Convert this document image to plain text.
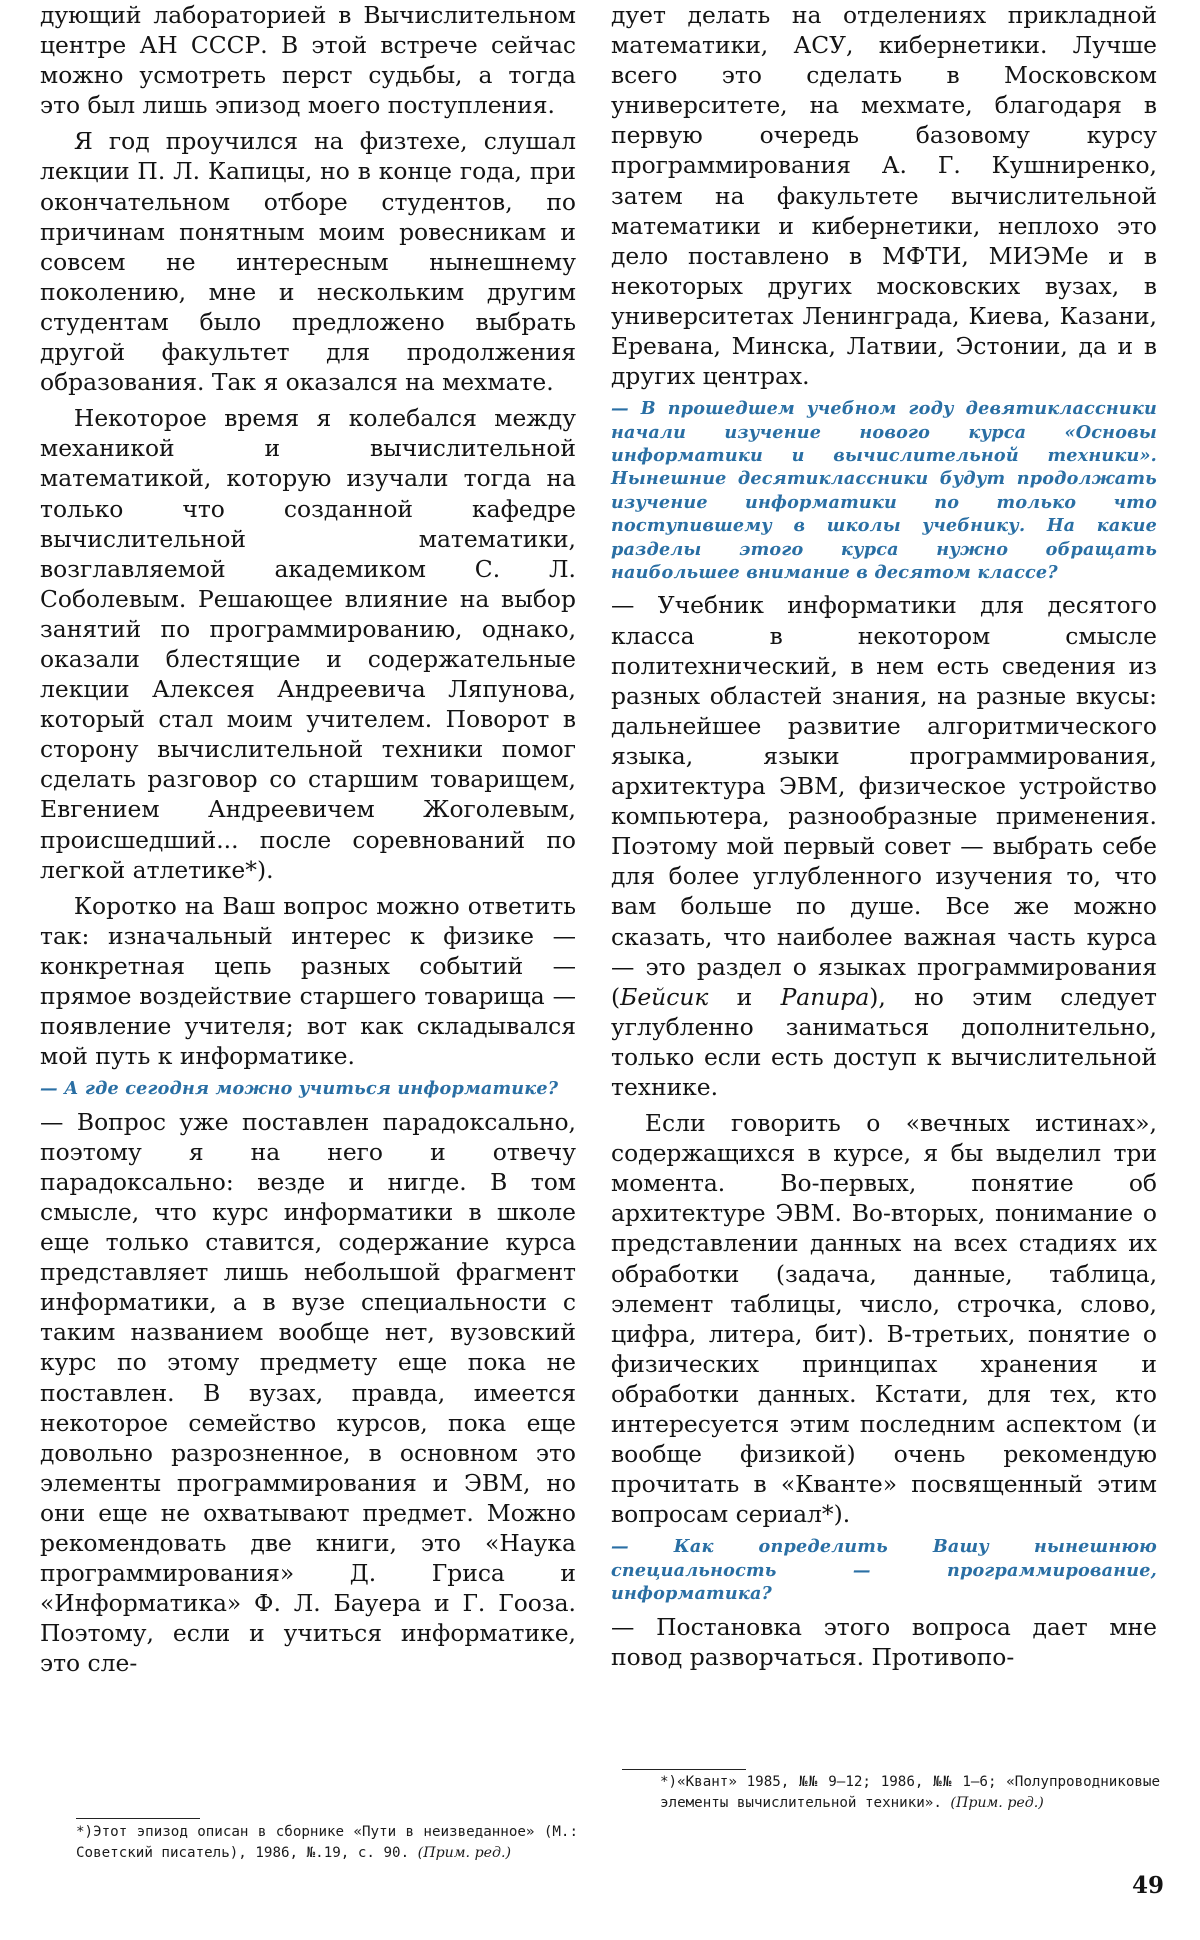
дующий лабораторией в Вычислительном центре АН СССР. В этой встрече сейчас можно усмотреть перст судьбы, а тогда это был лишь эпизод моего поступления.

Я год проучился на физтехе, слушал лекции П. Л. Капицы, но в конце года, при окончательном отборе студентов, по причинам понятным моим ровесникам и совсем не интересным нынешнему поколению, мне и нескольким другим студентам было предложено выбрать другой факультет для продолжения образования. Так я оказался на мехмате.

Некоторое время я колебался между механикой и вычислительной математикой, которую изучали тогда на только что созданной кафедре вычислительной математики, возглавляемой академиком С. Л. Соболевым. Решающее влияние на выбор занятий по программированию, однако, оказали блестящие и содержательные лекции Алексея Андреевича Ляпунова, который стал моим учителем. Поворот в сторону вычислительной техники помог сделать разговор со старшим товарищем, Евгением Андреевичем Жоголевым, происшедший... после соревнований по легкой атлетике*).

Коротко на Ваш вопрос можно ответить так: изначальный интерес к физике — конкретная цепь разных событий — прямое воздействие старшего товарища — появление учителя; вот как складывался мой путь к информатике.

— А где сегодня можно учиться информатике?

— Вопрос уже поставлен парадоксально, поэтому я на него и отвечу парадоксально: везде и нигде. В том смысле, что курс информатики в школе еще только ставится, содержание курса представляет лишь небольшой фрагмент информатики, а в вузе специальности с таким названием вообще нет, вузовский курс по этому предмету еще пока не поставлен. В вузах, правда, имеется некоторое семейство курсов, пока еще довольно разрозненное, в основном это элементы программирования и ЭВМ, но они еще не охватывают предмет. Можно рекомендовать две книги, это «Наука программирования» Д. Гриса и «Информатика» Ф. Л. Бауера и Г. Гооза. Поэтому, если и учиться информатике, это сле-

дует делать на отделениях прикладной математики, АСУ, кибернетики. Лучше всего это сделать в Московском университете, на мехмате, благодаря в первую очередь базовому курсу программирования А. Г. Кушниренко, затем на факультете вычислительной математики и кибернетики, неплохо это дело поставлено в МФТИ, МИЭМе и в некоторых других московских вузах, в университетах Ленинграда, Киева, Казани, Еревана, Минска, Латвии, Эстонии, да и в других центрах.

— В прошедшем учебном году девятиклассники начали изучение нового курса «Основы информатики и вычислительной техники». Нынешние десятиклассники будут продолжать изучение информатики по только что поступившему в школы учебнику. На какие разделы этого курса нужно обращать наибольшее внимание в десятом классе?

— Учебник информатики для десятого класса в некотором смысле политехнический, в нем есть сведения из разных областей знания, на разные вкусы: дальнейшее развитие алгоритмического языка, языки программирования, архитектура ЭВМ, физическое устройство компьютера, разнообразные применения. Поэтому мой первый совет — выбрать себе для более углубленного изучения то, что вам больше по душе. Все же можно сказать, что наиболее важная часть курса — это раздел о языках программирования (Бейсик и Рапира), но этим следует углубленно заниматься дополнительно, только если есть доступ к вычислительной технике.

Если говорить о «вечных истинах», содержащихся в курсе, я бы выделил три момента. Во-первых, понятие об архитектуре ЭВМ. Во-вторых, понимание о представлении данных на всех стадиях их обработки (задача, данные, таблица, элемент таблицы, число, строчка, слово, цифра, литера, бит). В-третьих, понятие о физических принципах хранения и обработки данных. Кстати, для тех, кто интересуется этим последним аспектом (и вообще физикой) очень рекомендую прочитать в «Кванте» посвященный этим вопросам сериал*).

— Как определить Вашу нынешнюю специальность — программирование, информатика?

— Постановка этого вопроса дает мне повод разворчаться. Противопо-

*)Этот эпизод описан в сборнике «Пути в неизведанное» (М.: Советский писатель), 1986, №.19, с. 90. (Прим. ред.)
*)«Квант» 1985, №№ 9—12; 1986, №№ 1—6; «Полупроводниковые элементы вычислительной техники». (Прим. ред.)
49
